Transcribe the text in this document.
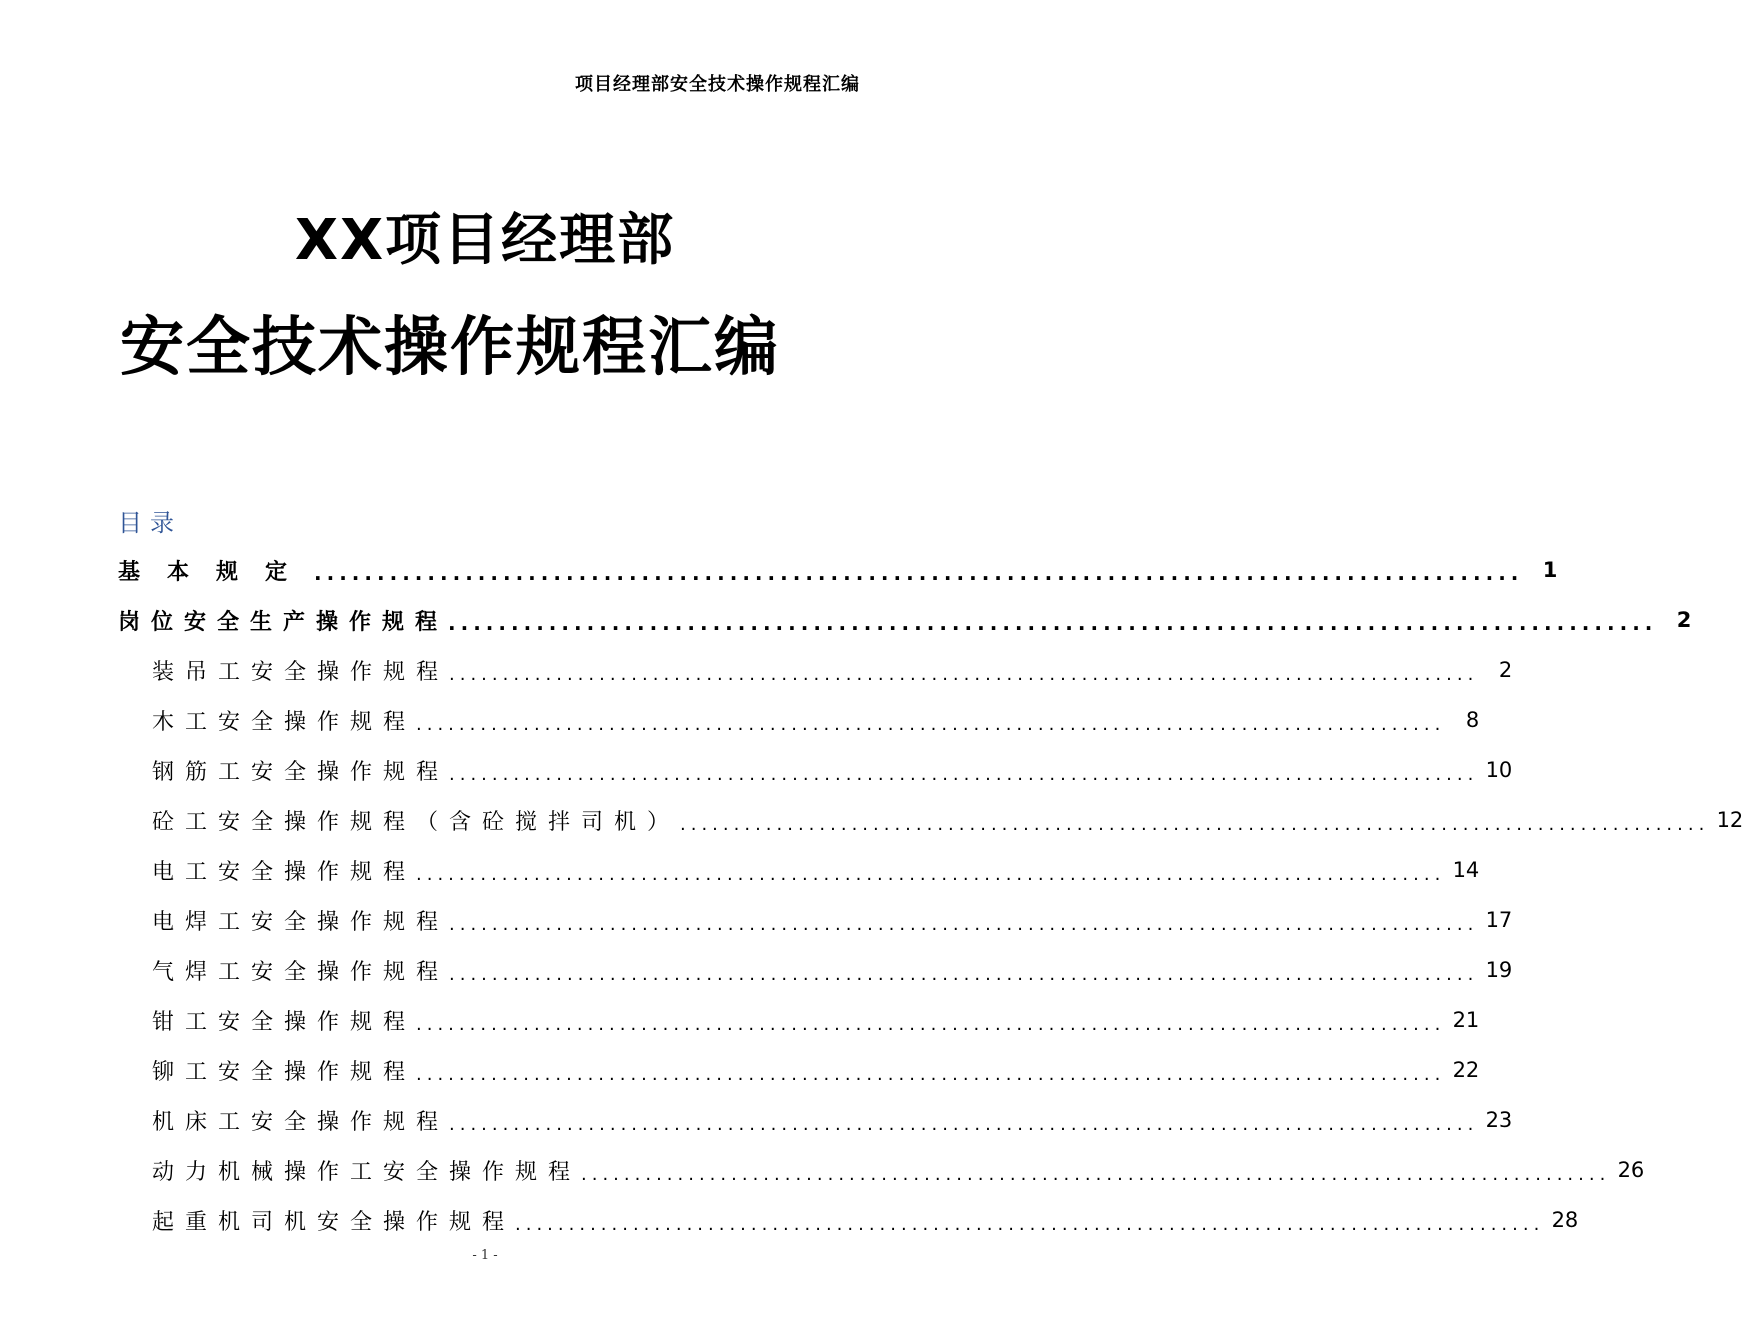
项目经理部安全技术操作规程汇编
XX项目经理部
安全技术操作规程汇编
目录
基本规定 ................................................................................................ 1
岗位安全生产操作规程 ................................................................................................ 2
装吊工安全操作规程 ................................................................................................ 2
木工安全操作规程 ................................................................................................ 8
钢筋工安全操作规程 ................................................................................................ 10
砼工安全操作规程（含砼搅拌司机） ................................................................................................ 12
电工安全操作规程 ................................................................................................ 14
电焊工安全操作规程 ................................................................................................ 17
气焊工安全操作规程 ................................................................................................ 19
钳工安全操作规程 ................................................................................................ 21
铆工安全操作规程 ................................................................................................ 22
机床工安全操作规程 ................................................................................................ 23
动力机械操作工安全操作规程 ................................................................................................ 26
起重机司机安全操作规程 ................................................................................................ 28
- 1 -
